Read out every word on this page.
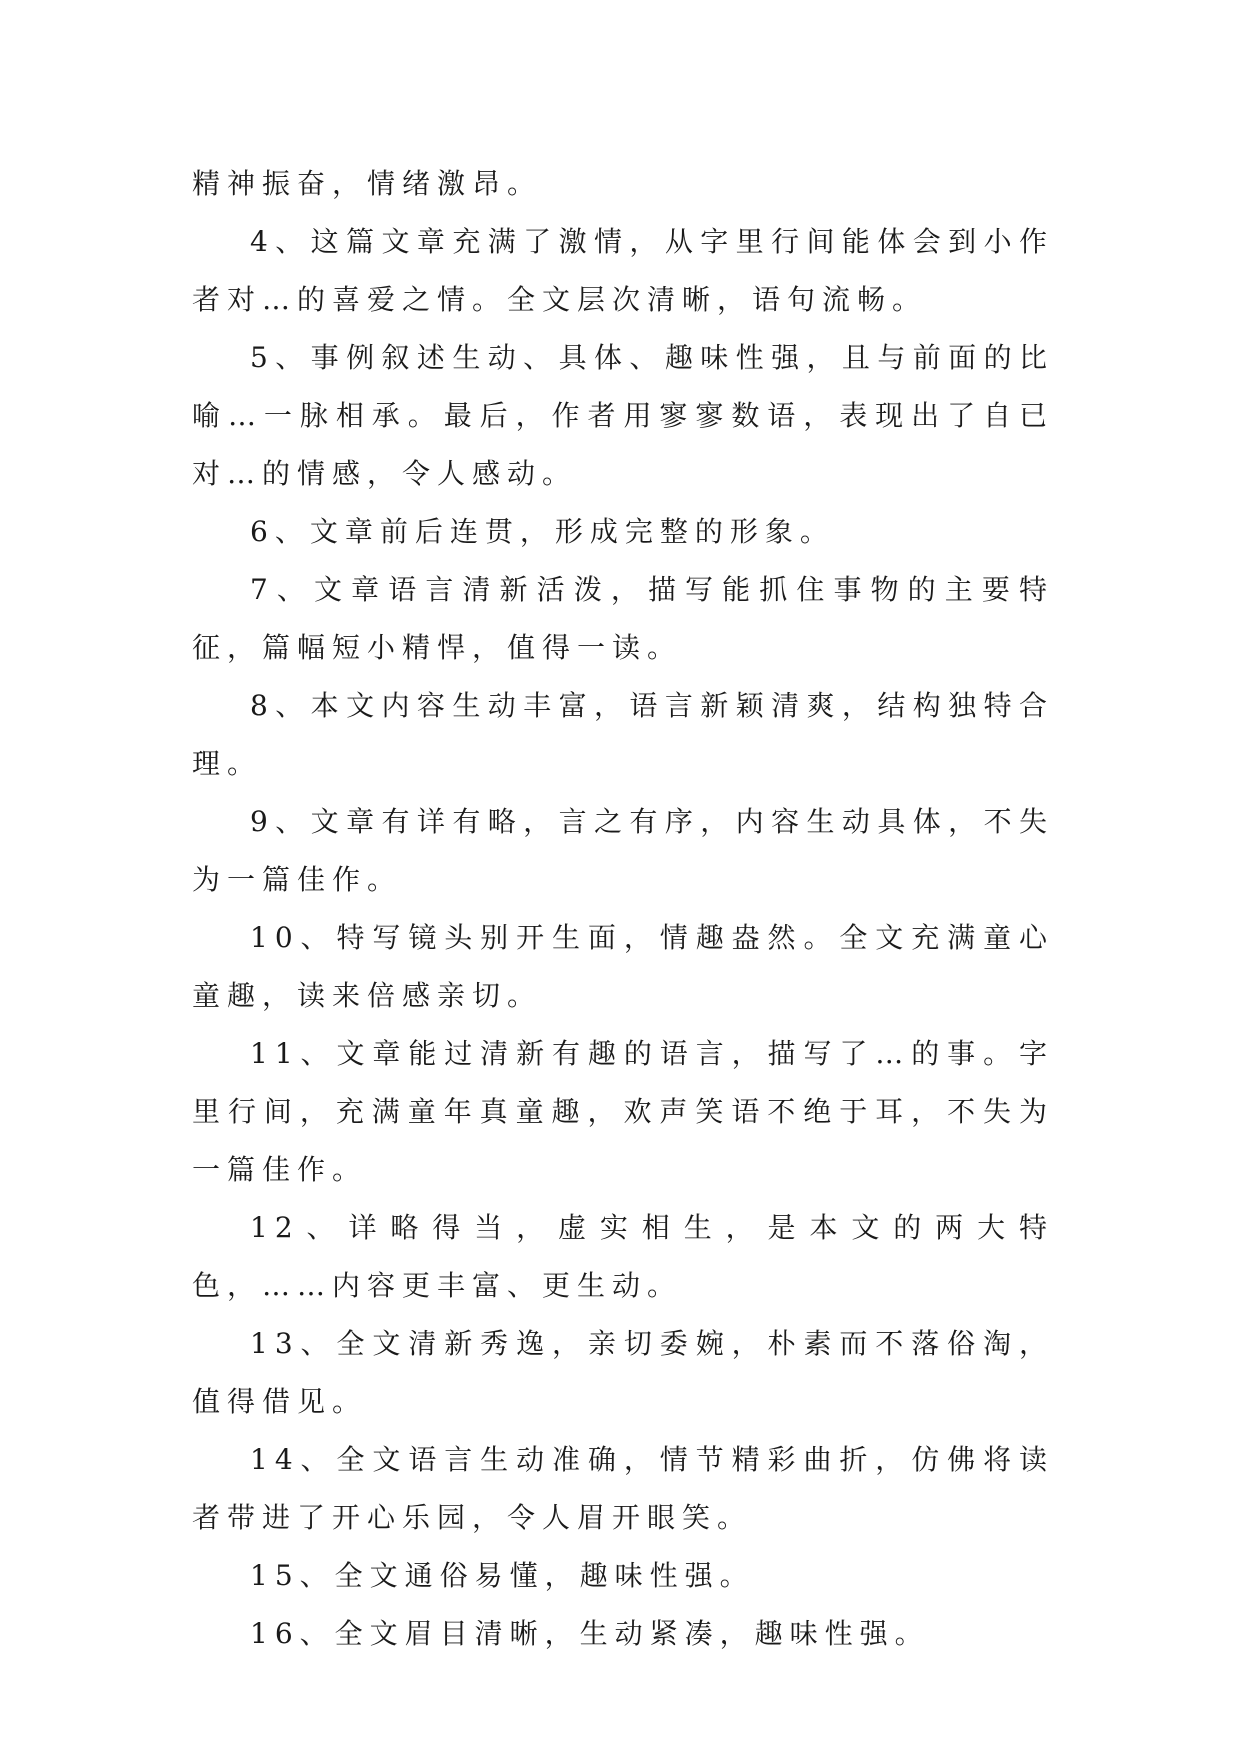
精神振奋，情绪激昂。

4、这篇文章充满了激情，从字里行间能体会到小作者对…的喜爱之情。全文层次清晰，语句流畅。

5、事例叙述生动、具体、趣味性强，且与前面的比喻…一脉相承。最后，作者用寥寥数语，表现出了自已对…的情感，令人感动。

6、文章前后连贯，形成完整的形象。

7、文章语言清新活泼，描写能抓住事物的主要特征，篇幅短小精悍，值得一读。

8、本文内容生动丰富，语言新颖清爽，结构独特合理。

9、文章有详有略，言之有序，内容生动具体，不失为一篇佳作。

10、特写镜头别开生面，情趣盎然。全文充满童心童趣，读来倍感亲切。

11、文章能过清新有趣的语言，描写了…的事。字里行间，充满童年真童趣，欢声笑语不绝于耳，不失为一篇佳作。

12、详略得当，虚实相生，是本文的两大特色，……内容更丰富、更生动。

13、全文清新秀逸，亲切委婉，朴素而不落俗淘，值得借见。

14、全文语言生动准确，情节精彩曲折，仿佛将读者带进了开心乐园，令人眉开眼笑。

15、全文通俗易懂，趣味性强。

16、全文眉目清晰，生动紧凑，趣味性强。
